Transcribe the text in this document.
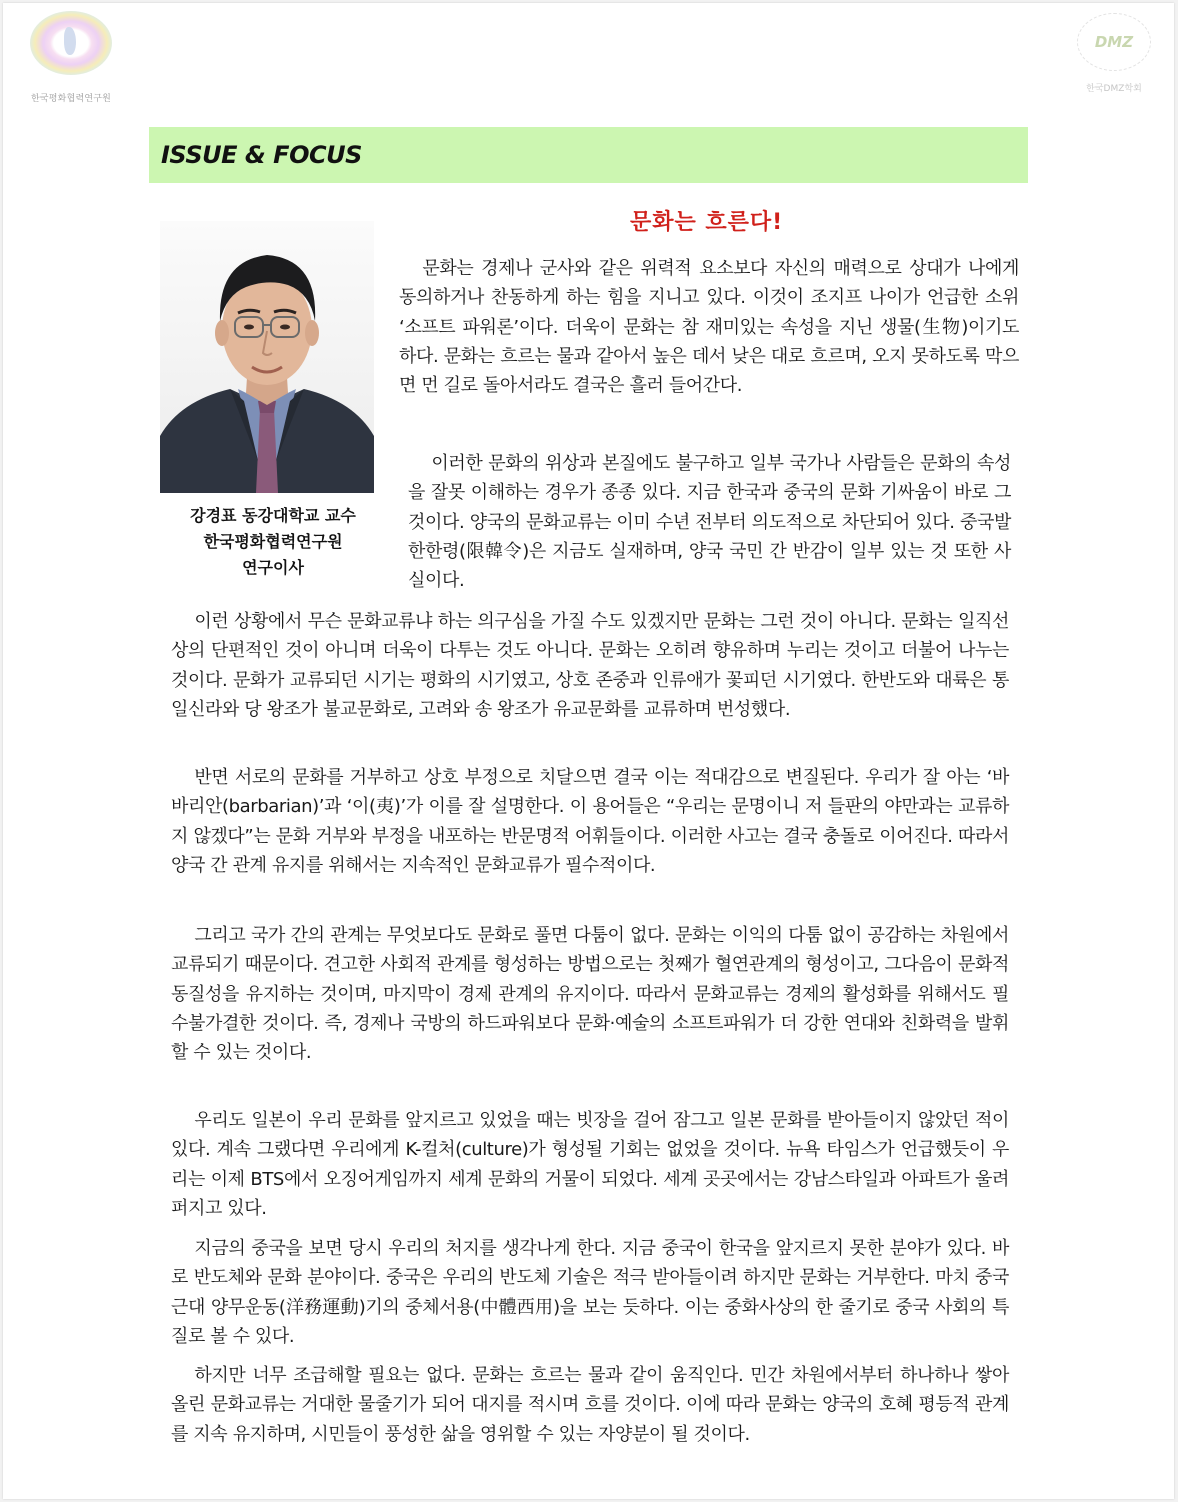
한국평화협력연구원
DMZ
한국DMZ학회
ISSUE & FOCUS
강경표 동강대학교 교수
한국평화협력연구원
연구이사
문화는 흐른다!

문화는 경제나 군사와 같은 위력적 요소보다 자신의 매력으로 상대가 나에게 동의하거나 찬동하게 하는 힘을 지니고 있다. 이것이 조지프 나이가 언급한 소위 ‘소프트 파워론’이다. 더욱이 문화는 참 재미있는 속성을 지닌 생물(生物)이기도 하다. 문화는 흐르는 물과 같아서 높은 데서 낮은 대로 흐르며, 오지 못하도록 막으면 먼 길로 돌아서라도 결국은 흘러 들어간다.

이러한 문화의 위상과 본질에도 불구하고 일부 국가나 사람들은 문화의 속성을 잘못 이해하는 경우가 종종 있다. 지금 한국과 중국의 문화 기싸움이 바로 그것이다. 양국의 문화교류는 이미 수년 전부터 의도적으로 차단되어 있다. 중국발 한한령(限韓令)은 지금도 실재하며, 양국 국민 간 반감이 일부 있는 것 또한 사실이다.

이런 상황에서 무슨 문화교류냐 하는 의구심을 가질 수도 있겠지만 문화는 그런 것이 아니다. 문화는 일직선상의 단편적인 것이 아니며 더욱이 다투는 것도 아니다. 문화는 오히려 향유하며 누리는 것이고 더불어 나누는 것이다. 문화가 교류되던 시기는 평화의 시기였고, 상호 존중과 인류애가 꽃피던 시기였다. 한반도와 대륙은 통일신라와 당 왕조가 불교문화로, 고려와 송 왕조가 유교문화를 교류하며 번성했다.

반면 서로의 문화를 거부하고 상호 부정으로 치달으면 결국 이는 적대감으로 변질된다. 우리가 잘 아는 ‘바바리안(barbarian)’과 ‘이(夷)’가 이를 잘 설명한다. 이 용어들은 “우리는 문명이니 저 들판의 야만과는 교류하지 않겠다”는 문화 거부와 부정을 내포하는 반문명적 어휘들이다. 이러한 사고는 결국 충돌로 이어진다. 따라서 양국 간 관계 유지를 위해서는 지속적인 문화교류가 필수적이다.

그리고 국가 간의 관계는 무엇보다도 문화로 풀면 다툼이 없다. 문화는 이익의 다툼 없이 공감하는 차원에서 교류되기 때문이다. 견고한 사회적 관계를 형성하는 방법으로는 첫째가 혈연관계의 형성이고, 그다음이 문화적 동질성을 유지하는 것이며, 마지막이 경제 관계의 유지이다. 따라서 문화교류는 경제의 활성화를 위해서도 필수불가결한 것이다. 즉, 경제나 국방의 하드파워보다 문화·예술의 소프트파워가 더 강한 연대와 친화력을 발휘할 수 있는 것이다.

우리도 일본이 우리 문화를 앞지르고 있었을 때는 빗장을 걸어 잠그고 일본 문화를 받아들이지 않았던 적이 있다. 계속 그랬다면 우리에게 K-컬처(culture)가 형성될 기회는 없었을 것이다. 뉴욕 타임스가 언급했듯이 우리는 이제 BTS에서 오징어게임까지 세계 문화의 거물이 되었다. 세계 곳곳에서는 강남스타일과 아파트가 울려 퍼지고 있다.

지금의 중국을 보면 당시 우리의 처지를 생각나게 한다. 지금 중국이 한국을 앞지르지 못한 분야가 있다. 바로 반도체와 문화 분야이다. 중국은 우리의 반도체 기술은 적극 받아들이려 하지만 문화는 거부한다. 마치 중국 근대 양무운동(洋務運動)기의 중체서용(中體西用)을 보는 듯하다. 이는 중화사상의 한 줄기로 중국 사회의 특질로 볼 수 있다.

하지만 너무 조급해할 필요는 없다. 문화는 흐르는 물과 같이 움직인다. 민간 차원에서부터 하나하나 쌓아 올린 문화교류는 거대한 물줄기가 되어 대지를 적시며 흐를 것이다. 이에 따라 문화는 양국의 호혜 평등적 관계를 지속 유지하며, 시민들이 풍성한 삶을 영위할 수 있는 자양분이 될 것이다.
